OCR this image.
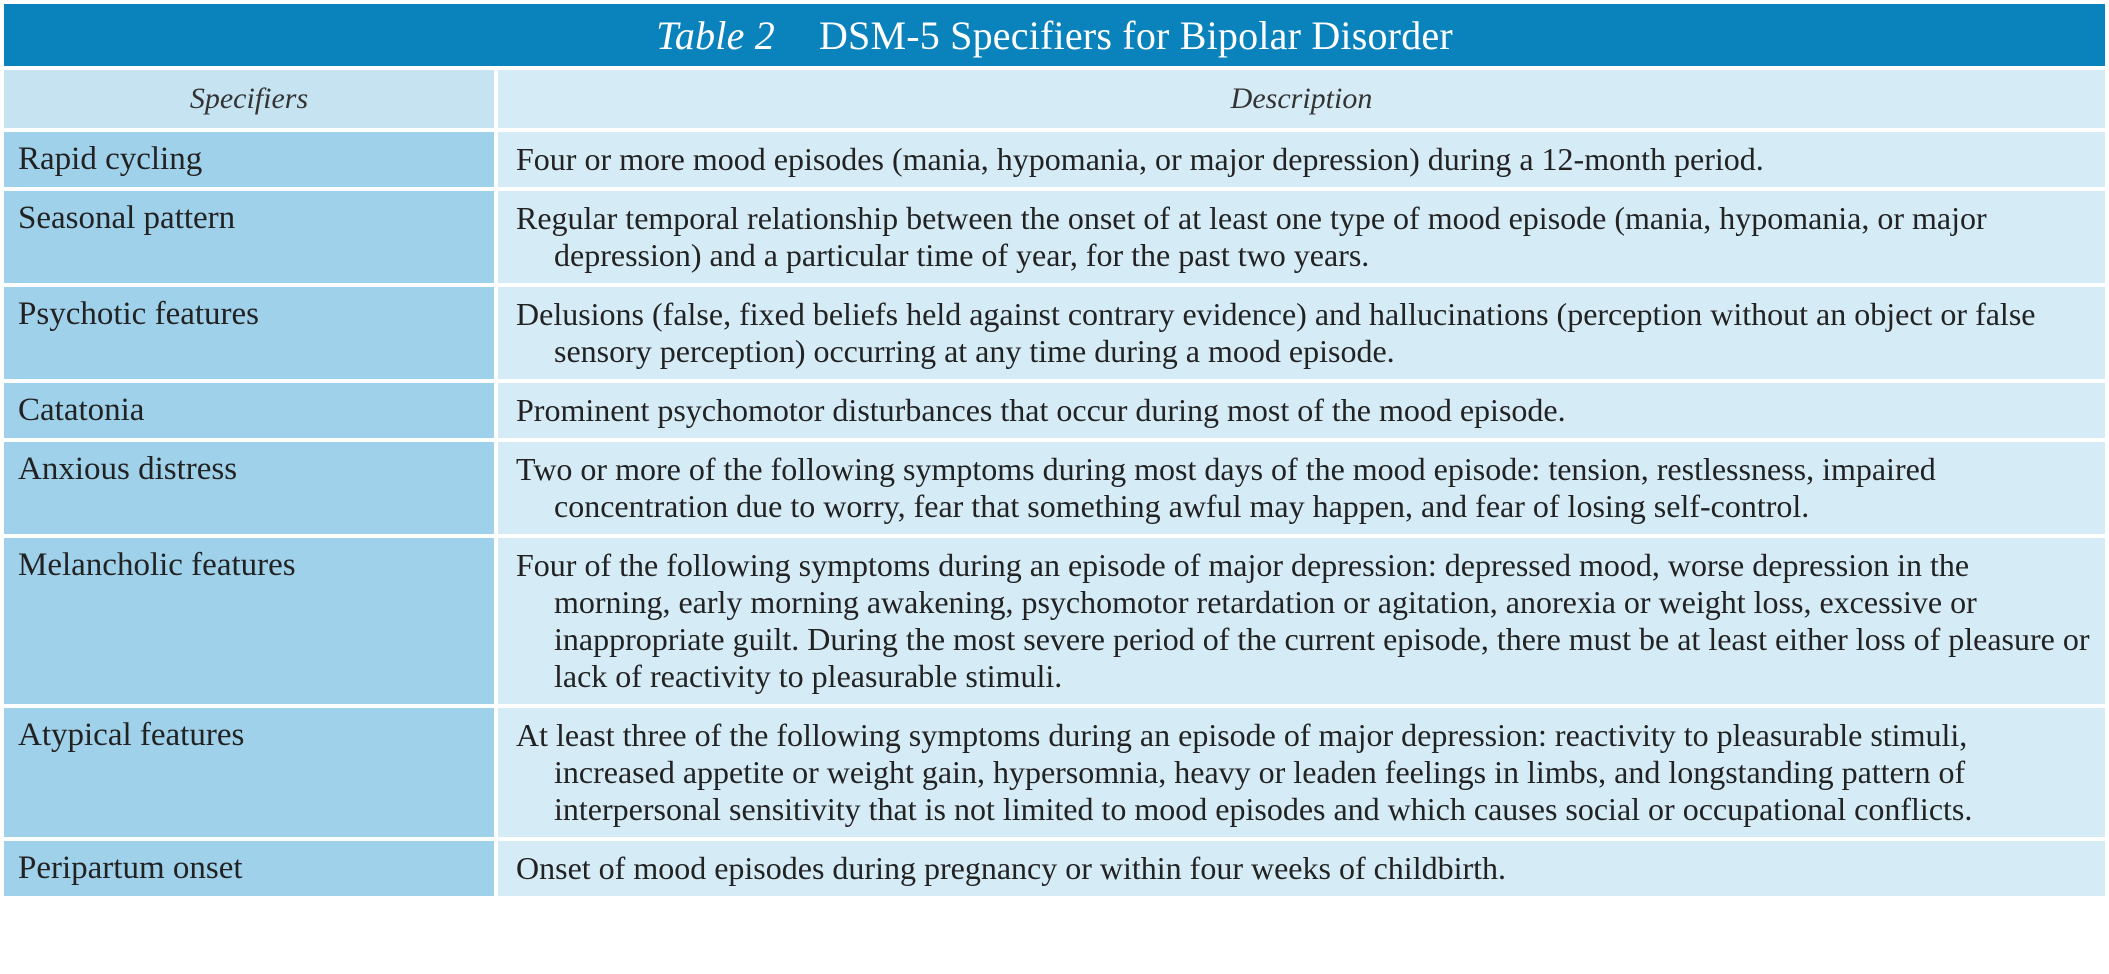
Table 2 DSM-5 Specifiers for Bipolar Disorder
Specifiers	Description
Rapid cycling	Four or more mood episodes (mania, hypomania, or major depression) during a 12-month period.
Seasonal pattern	Regular temporal relationship between the onset of at least one type of mood episode (mania, hypomania, or major depression) and a particular time of year, for the past two years.
Psychotic features	Delusions (false, fixed beliefs held against contrary evidence) and hallucinations (perception without an object or false sensory perception) occurring at any time during a mood episode.
Catatonia	Prominent psychomotor disturbances that occur during most of the mood episode.
Anxious distress	Two or more of the following symptoms during most days of the mood episode: tension, restlessness, impaired concentration due to worry, fear that something awful may happen, and fear of losing self-control.
Melancholic features	Four of the following symptoms during an episode of major depression: depressed mood, worse depression in the morning, early morning awakening, psychomotor retardation or agitation, anorexia or weight loss, excessive or inappropriate guilt. During the most severe period of the current episode, there must be at least either loss of pleasure or lack of reactivity to pleasurable stimuli.
Atypical features	At least three of the following symptoms during an episode of major depression: reactivity to pleasurable stimuli, increased appetite or weight gain, hypersomnia, heavy or leaden feelings in limbs, and longstanding pattern of interpersonal sensitivity that is not limited to mood episodes and which causes social or occupational conflicts.
Peripartum onset	Onset of mood episodes during pregnancy or within four weeks of childbirth.
